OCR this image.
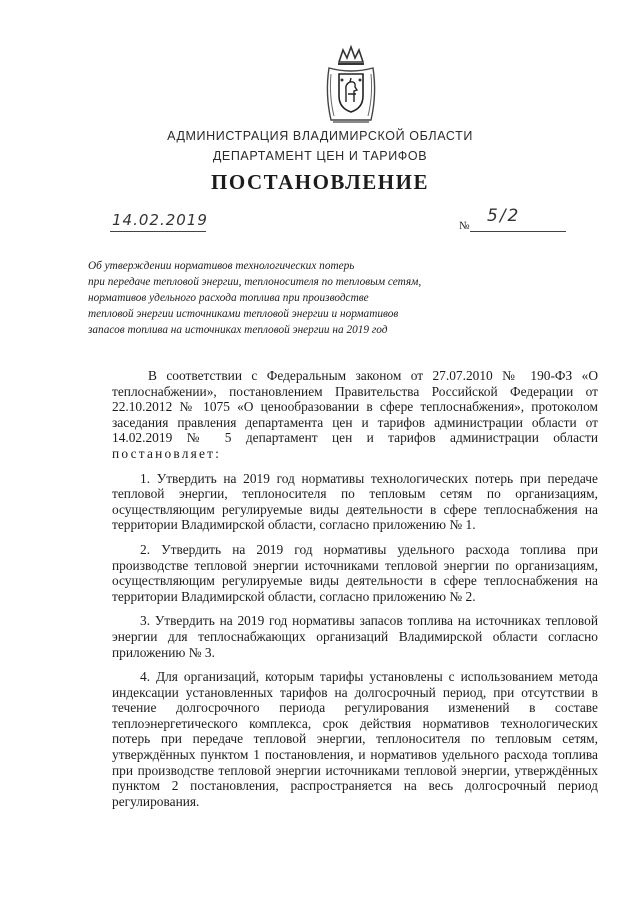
АДМИНИСТРАЦИЯ ВЛАДИМИРСКОЙ ОБЛАСТИ
ДЕПАРТАМЕНТ ЦЕН И ТАРИФОВ
ПОСТАНОВЛЕНИЕ
14.02.2019	№ 5/2
Об утверждении нормативов технологических потерь
при передаче тепловой энергии, теплоносителя по тепловым сетям,
нормативов удельного расхода топлива при производстве
тепловой энергии источниками тепловой энергии и нормативов
запасов топлива на источниках тепловой энергии на 2019 год

В соответствии с Федеральным законом от 27.07.2010 № 190-ФЗ «О теплоснабжении», постановлением Правительства Российской Федерации от 22.10.2012 № 1075 «О ценообразовании в сфере теплоснабжения», протоколом заседания правления департамента цен и тарифов администрации области от 14.02.2019 № 5 департамент цен и тарифов администрации области постановляет:

1. Утвердить на 2019 год нормативы технологических потерь при передаче тепловой энергии, теплоносителя по тепловым сетям по организациям, осуществляющим регулируемые виды деятельности в сфере теплоснабжения на территории Владимирской области, согласно приложению № 1.

2. Утвердить на 2019 год нормативы удельного расхода топлива при производстве тепловой энергии источниками тепловой энергии по организациям, осуществляющим регулируемые виды деятельности в сфере теплоснабжения на территории Владимирской области, согласно приложению № 2.

3. Утвердить на 2019 год нормативы запасов топлива на источниках тепловой энергии для теплоснабжающих организаций Владимирской области согласно приложению № 3.

4. Для организаций, которым тарифы установлены с использованием метода индексации установленных тарифов на долгосрочный период, при отсутствии в течение долгосрочного периода регулирования изменений в составе теплоэнергетического комплекса, срок действия нормативов технологических потерь при передаче тепловой энергии, теплоносителя по тепловым сетям, утверждённых пунктом 1 постановления, и нормативов удельного расхода топлива при производстве тепловой энергии источниками тепловой энергии, утверждённых пунктом 2 постановления, распространяется на весь долгосрочный период регулирования.
